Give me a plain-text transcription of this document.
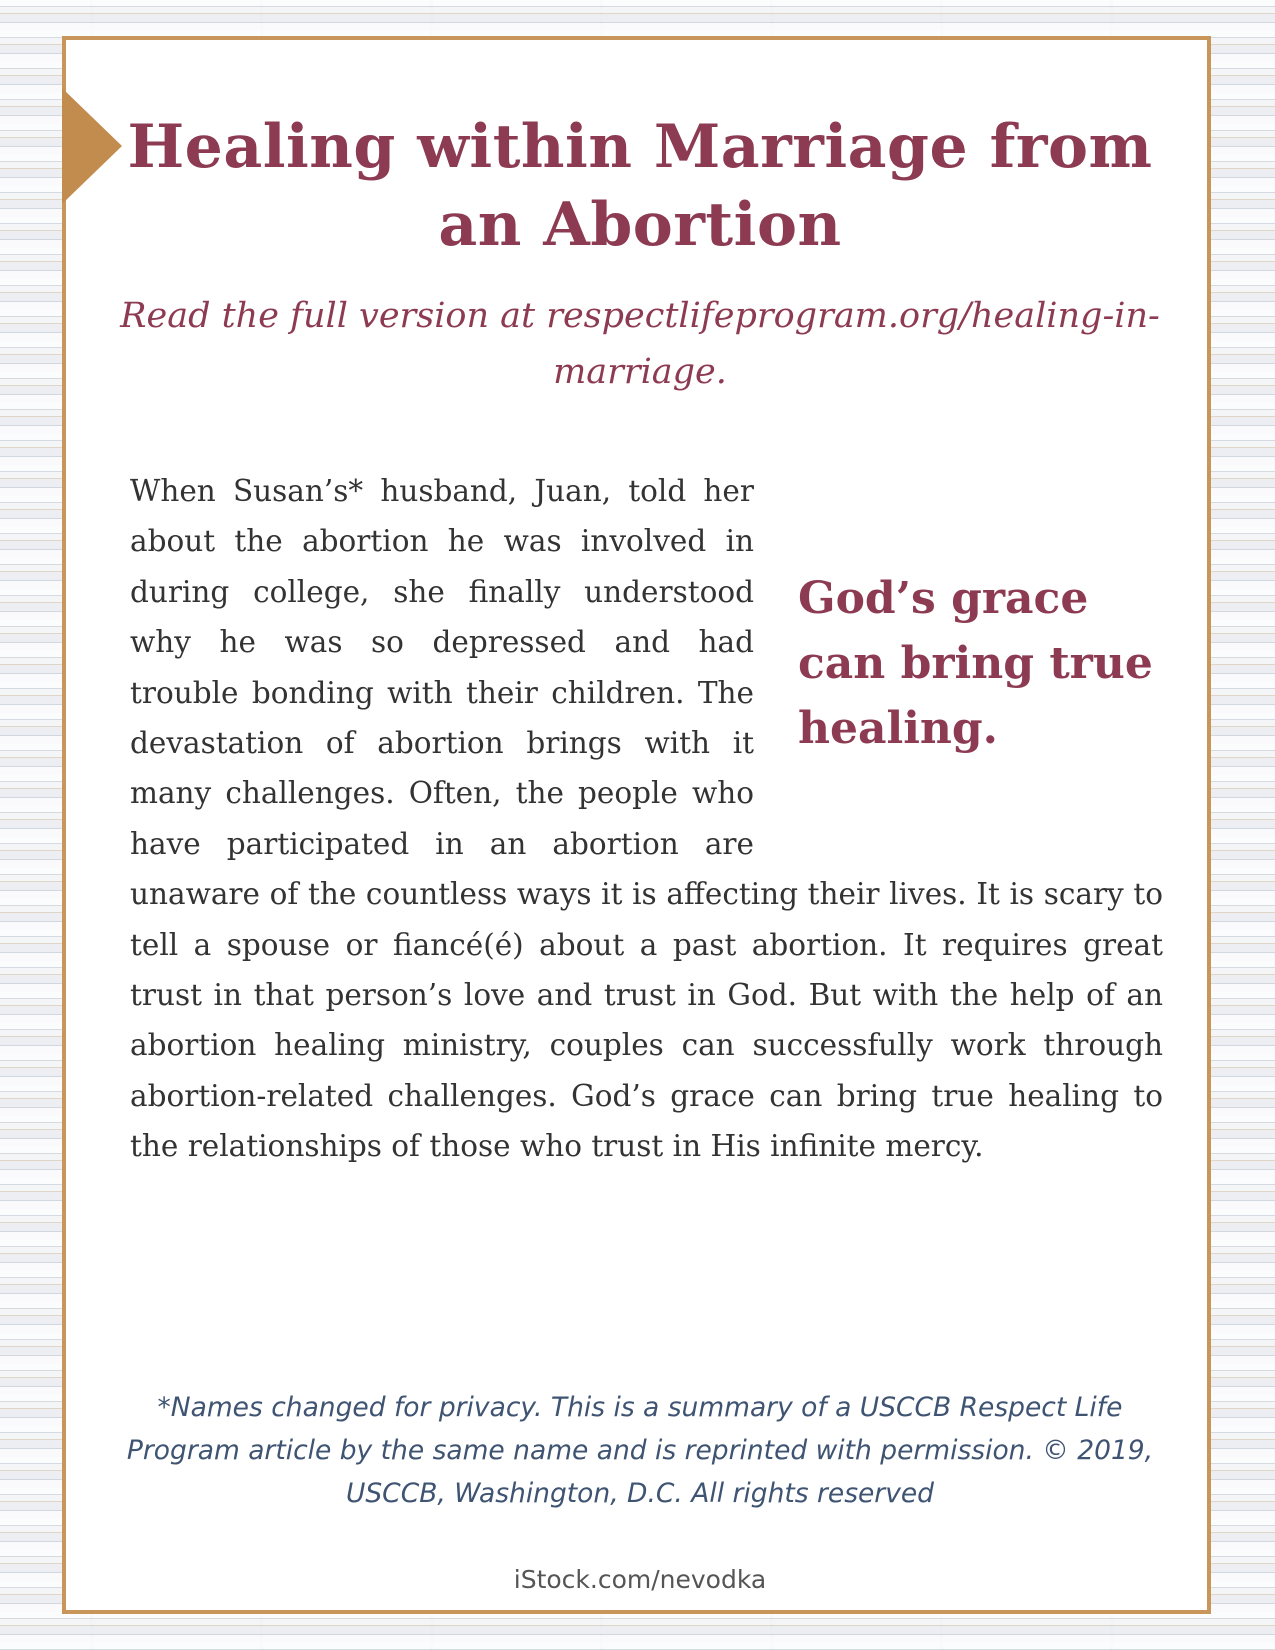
Healing within Marriage from an Abortion

Read the full version at respectlifeprogram.org/healing-in-marriage.

God’s grace can bring true healing.
When Susan’s* husband, Juan, told her about the abortion he was involved in during college, she finally understood why he was so depressed and had trouble bonding with their children. The devastation of abortion brings with it many challenges. Often, the people who have participated in an abortion are unaware of the countless ways it is affecting their lives. It is scary to tell a spouse or fiancé(é) about a past abortion. It requires great trust in that person’s love and trust in God. But with the help of an abortion healing ministry, couples can successfully work through abortion-related challenges. God’s grace can bring true healing to the relationships of those who trust in His infinite mercy.

*Names changed for privacy. This is a summary of a USCCB Respect Life Program article by the same name and is reprinted with permission. © 2019, USCCB, Washington, D.C. All rights reserved

iStock.com/nevodka
